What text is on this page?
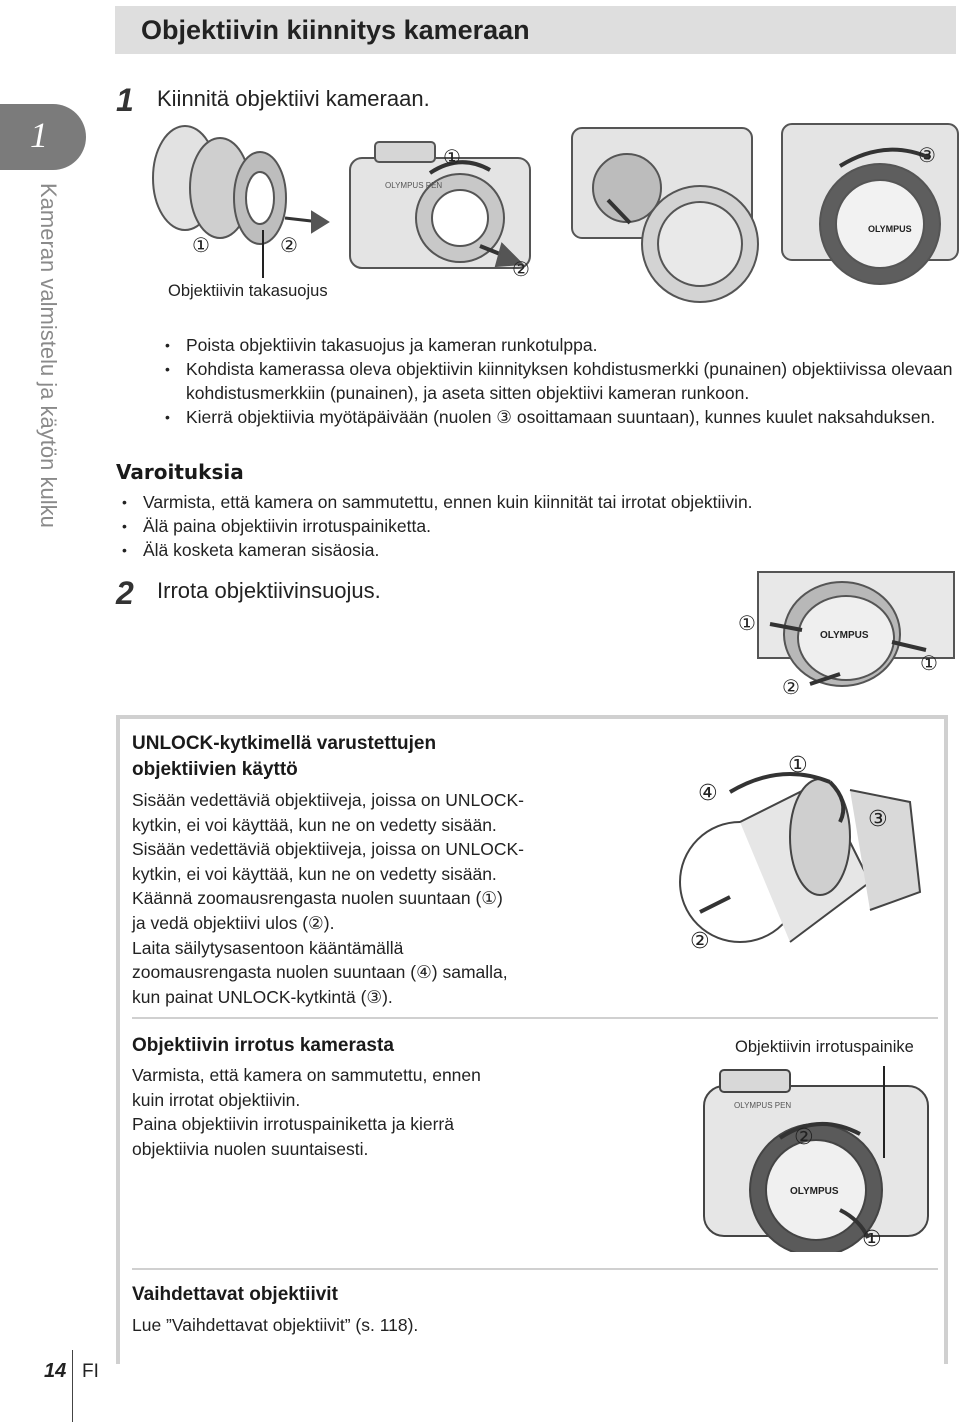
Objektiivin kiinnitys kameraan
1
Kameran valmistelu ja käytön kulku
1 Kiinnitä objektiivi kameraan.
OLYMPUS
OLYMPUS PEN
①	②
①
②
③
Objektiivin takasuojus
• Poista objektiivin takasuojus ja kameran runkotulppa.
• Kohdista kamerassa oleva objektiivin kiinnityksen kohdistusmerkki (punainen) objektiivissa olevaan kohdistusmerkkiin (punainen), ja aseta sitten objektiivi kameran runkoon.
• Kierrä objektiivia myötäpäivään (nuolen ③ osoittamaan suuntaan), kunnes kuulet naksahduksen.
Varoituksia
• Varmista, että kamera on sammutettu, ennen kuin kiinnität tai irrotat objektiivin.
• Älä paina objektiivin irrotuspainiketta.
• Älä kosketa kameran sisäosia.
2 Irrota objektiivinsuojus.
OLYMPUS
①
①
②
UNLOCK-kytkimellä varustettujen
objektiivien käyttö
Sisään vedettäviä objektiiveja, joissa on UNLOCK-
kytkin, ei voi käyttää, kun ne on vedetty sisään.
Sisään vedettäviä objektiiveja, joissa on UNLOCK-
kytkin, ei voi käyttää, kun ne on vedetty sisään.
Käännä zoomausrengasta nuolen suuntaan (①)
ja vedä objektiivi ulos (②).
Laita säilytysasentoon kääntämällä
zoomausrengasta nuolen suuntaan (④) samalla,
kun painat UNLOCK-kytkintä (③).
①
④
③
②
Objektiivin irrotus kamerasta
Varmista, että kamera on sammutettu, ennen
kuin irrotat objektiivin.
Paina objektiivin irrotuspainiketta ja kierrä
objektiivia nuolen suuntaisesti.
Objektiivin irrotuspainike
OLYMPUS
OLYMPUS PEN
②
①
Vaihdettavat objektiivit
Lue ”Vaihdettavat objektiivit” (s. 118).
14 FI
